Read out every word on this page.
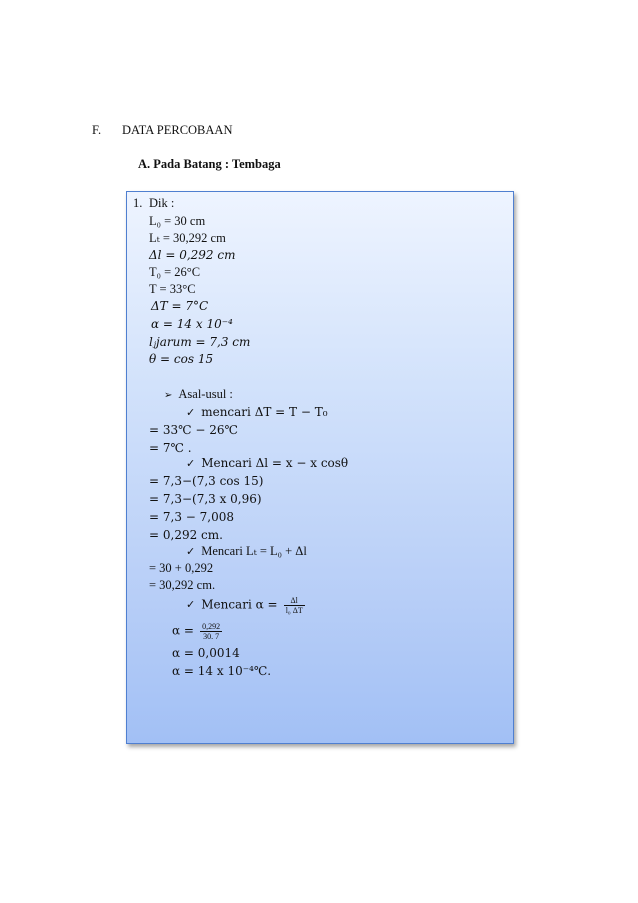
F. DATA PERCOBAAN
A. Pada Batang : Tembaga
1. Dik :
L₀ = 30 cm
Lₜ = 30,292 cm
Δl = 0,292 cm
T₀ = 26°C
T = 33°C
ΔT = 7°C
α = 14 x 10⁻⁴
lⱼjarum = 7,3 cm
θ = cos 15
➢ Asal-usul :
✓ mencari ΔT = T − T₀
= 33℃ − 26℃
= 7℃ .
✓ Mencari Δl = x − x cosθ
= 7,3−(7,3 cos 15)
= 7,3−(7,3 x 0,96)
= 7,3 − 7,008
= 0,292 cm.
✓ Mencari Lₜ = L₀ + Δl
= 30 + 0,292
= 30,292 cm.
✓ Mencari $\alpha = \frac{\Delta l}{\text{l₀ ΔT}}$
$\alpha = \frac{0,292}{30. 7}$
α = 0,0014
α = 14 x 10⁻⁴℃.
